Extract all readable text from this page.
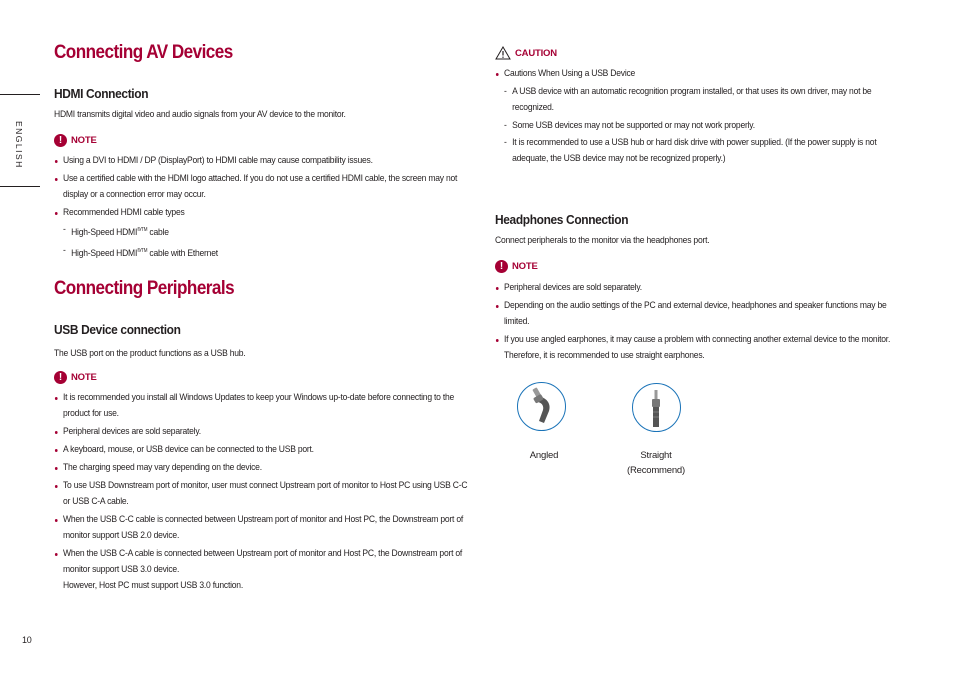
ENGLISH
10
Connecting AV Devices
HDMI Connection
HDMI transmits digital video and audio signals from your AV device to the monitor.
! NOTE
Using a DVI to HDMI / DP (DisplayPort) to HDMI cable may cause compatibility issues.
Use a certified cable with the HDMI logo attached. If you do not use a certified HDMI cable, the screen may not
display or a connection error may occur.
Recommended HDMI cable types
- High-Speed $HDMI^{®/TM}$ cable
- High-Speed $HDMI^{®/TM}$ cable with Ethernet
Connecting Peripherals
USB Device connection
The USB port on the product functions as a USB hub.
! NOTE
It is recommended you install all Windows Updates to keep your Windows up-to-date before connecting to the
product for use.
Peripheral devices are sold separately.
A keyboard, mouse, or USB device can be connected to the USB port.
The charging speed may vary depending on the device.
To use USB Downstream port of monitor, user must connect Upstream port of monitor to Host PC using USB C-C
or USB C-A cable.
When the USB C-C cable is connected between Upstream port of monitor and Host PC, the Downstream port of
monitor support USB 2.0 device.
When the USB C-A cable is connected between Upstream port of monitor and Host PC, the Downstream port of
monitor support USB 3.0 device.
However, Host PC must support USB 3.0 function.
CAUTION
Cautions When Using a USB Device
- A USB device with an automatic recognition program installed, or that uses its own driver, may not be
recognized.
- Some USB devices may not be supported or may not work properly.
- It is recommended to use a USB hub or hard disk drive with power supplied. (If the power supply is not
adequate, the USB device may not be recognized properly.)
Headphones Connection
Connect peripherals to the monitor via the headphones port.
! NOTE
Peripheral devices are sold separately.
Depending on the audio settings of the PC and external device, headphones and speaker functions may be
limited.
If you use angled earphones, it may cause a problem with connecting another external device to the monitor.
Therefore, it is recommended to use straight earphones.
Angled	Straight
(Recommend)
